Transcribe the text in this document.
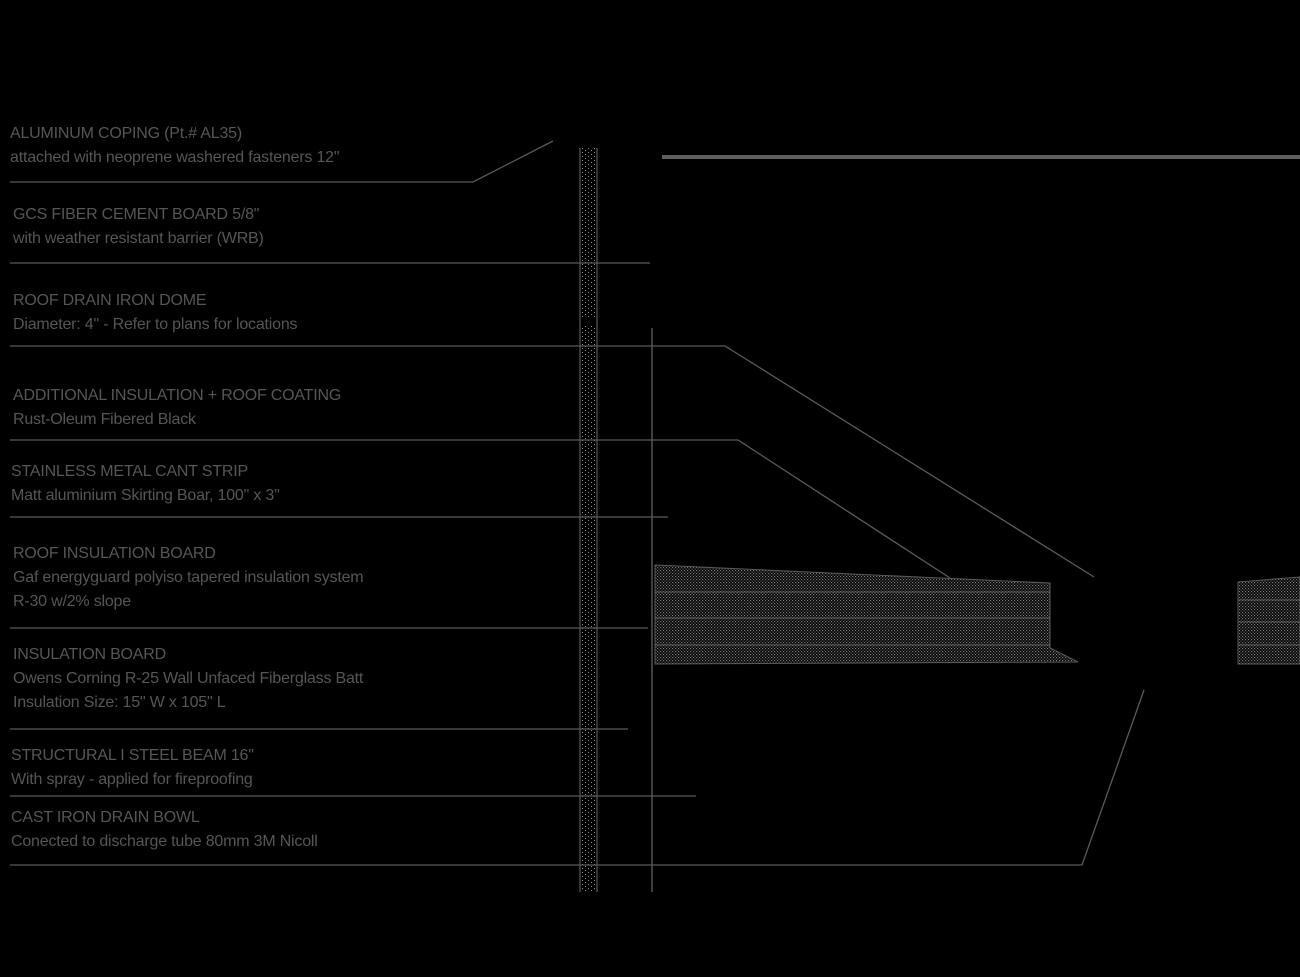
ALUMINUM COPING (Pt.# AL35)
attached with neoprene washered fasteners 12"
GCS FIBER CEMENT BOARD 5/8"
with weather resistant barrier (WRB)
ROOF DRAIN IRON DOME
Diameter: 4" - Refer to plans for locations
ADDITIONAL INSULATION + ROOF COATING
Rust-Oleum Fibered Black
STAINLESS METAL CANT STRIP
Matt aluminium Skirting Boar, 100" x 3"
ROOF INSULATION BOARD
Gaf energyguard polyiso tapered insulation system
R-30 w/2% slope
INSULATION BOARD
Owens Corning R-25 Wall Unfaced Fiberglass Batt
Insulation Size: 15" W x 105" L
STRUCTURAL I STEEL BEAM 16"
With spray - applied for fireproofing
CAST IRON DRAIN BOWL
Conected to discharge tube 80mm 3M Nicoll
